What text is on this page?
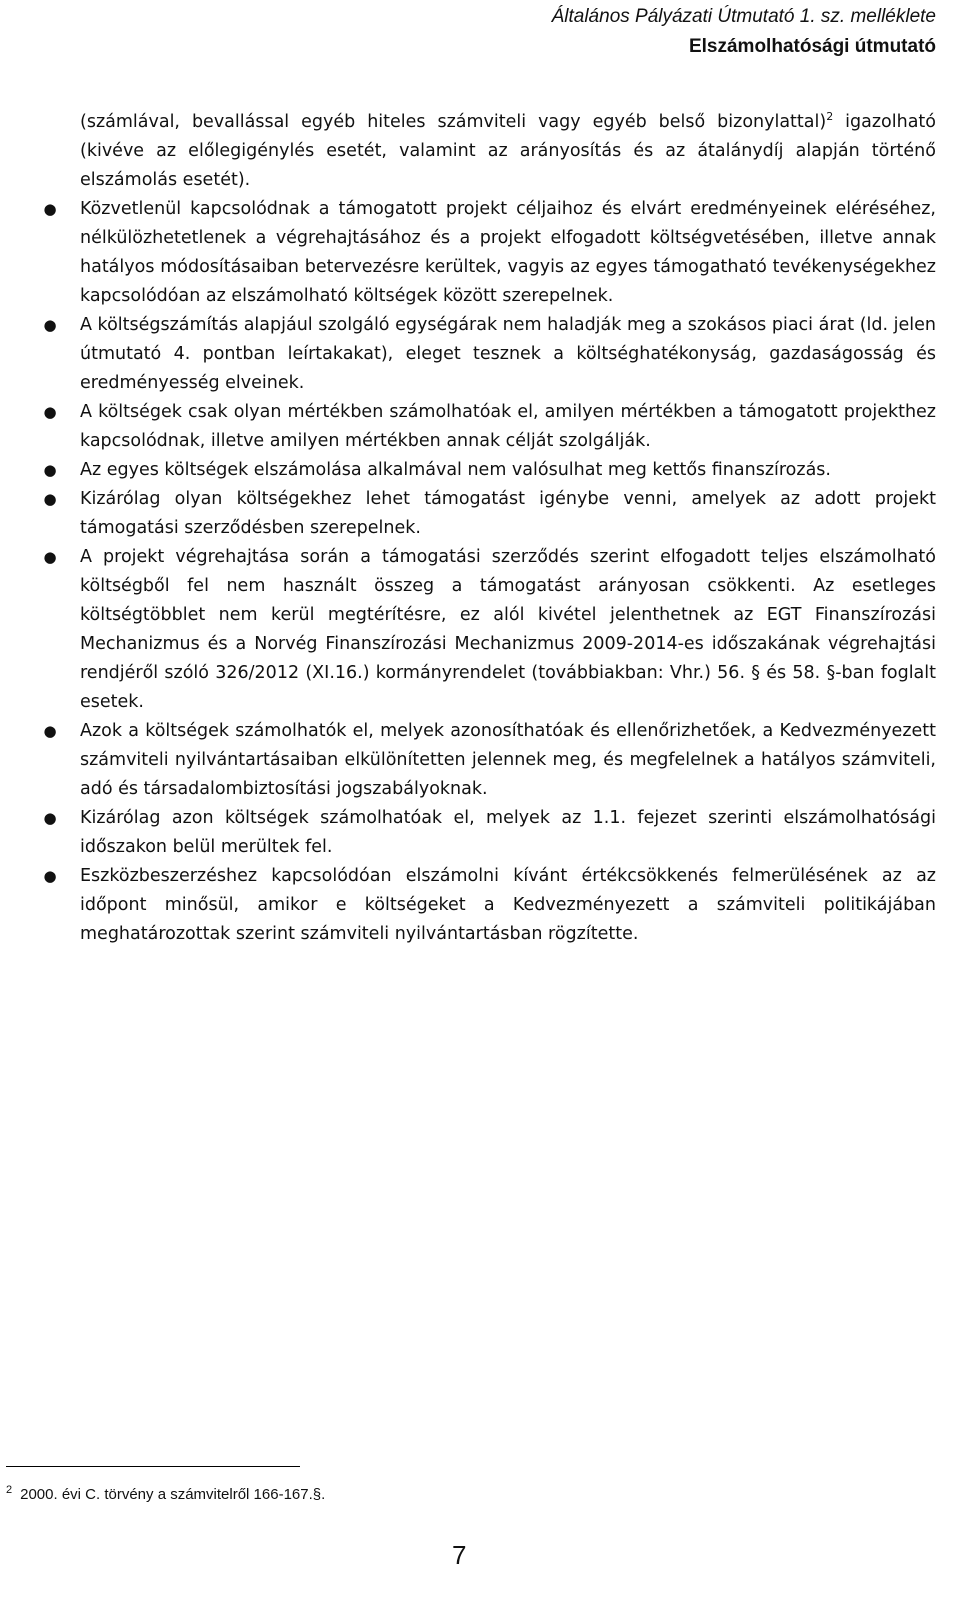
Általános Pályázati Útmutató 1. sz. melléklete
Elszámolhatósági útmutató

(számlával, bevallással egyéb hiteles számviteli vagy egyéb belső bizonylattal)$^2$ igazolható (kivéve az előlegigénylés esetét, valamint az arányosítás és az átalánydíj alapján történő elszámolás esetét).

● Közvetlenül kapcsolódnak a támogatott projekt céljaihoz és elvárt eredményeinek eléréséhez, nélkülözhetetlenek a végrehajtásához és a projekt elfogadott költségvetésében, illetve annak hatályos módosításaiban betervezésre kerültek, vagyis az egyes támogatható tevékenységekhez kapcsolódóan az elszámolható költségek között szerepelnek.
● A költségszámítás alapjául szolgáló egységárak nem haladják meg a szokásos piaci árat (ld. jelen útmutató 4. pontban leírtakakat), eleget tesznek a költséghatékonyság, gazdaságosság és eredményesség elveinek.
● A költségek csak olyan mértékben számolhatóak el, amilyen mértékben a támogatott projekthez kapcsolódnak, illetve amilyen mértékben annak célját szolgálják.
● Az egyes költségek elszámolása alkalmával nem valósulhat meg kettős finanszírozás.
● Kizárólag olyan költségekhez lehet támogatást igénybe venni, amelyek az adott projekt támogatási szerződésben szerepelnek.
● A projekt végrehajtása során a támogatási szerződés szerint elfogadott teljes elszámolható költségből fel nem használt összeg a támogatást arányosan csökkenti. Az esetleges költségtöbblet nem kerül megtérítésre, ez alól kivétel jelenthetnek az EGT Finanszírozási Mechanizmus és a Norvég Finanszírozási Mechanizmus 2009-2014-es időszakának végrehajtási rendjéről szóló 326/2012 (XI.16.) kormányrendelet (továbbiakban: Vhr.) 56. § és 58. §-ban foglalt esetek.
● Azok a költségek számolhatók el, melyek azonosíthatóak és ellenőrizhetőek, a Kedvezményezett számviteli nyilvántartásaiban elkülönítetten jelennek meg, és megfelelnek a hatályos számviteli, adó és társadalombiztosítási jogszabályoknak.
● Kizárólag azon költségek számolhatóak el, melyek az 1.1. fejezet szerinti elszámolhatósági időszakon belül merültek fel.
● Eszközbeszerzéshez kapcsolódóan elszámolni kívánt értékcsökkenés felmerülésének az az időpont minősül, amikor e költségeket a Kedvezményezett a számviteli politikájában meghatározottak szerint számviteli nyilvántartásban rögzítette.
$^2$ 2000. évi C. törvény a számvitelről 166-167.§.
7
